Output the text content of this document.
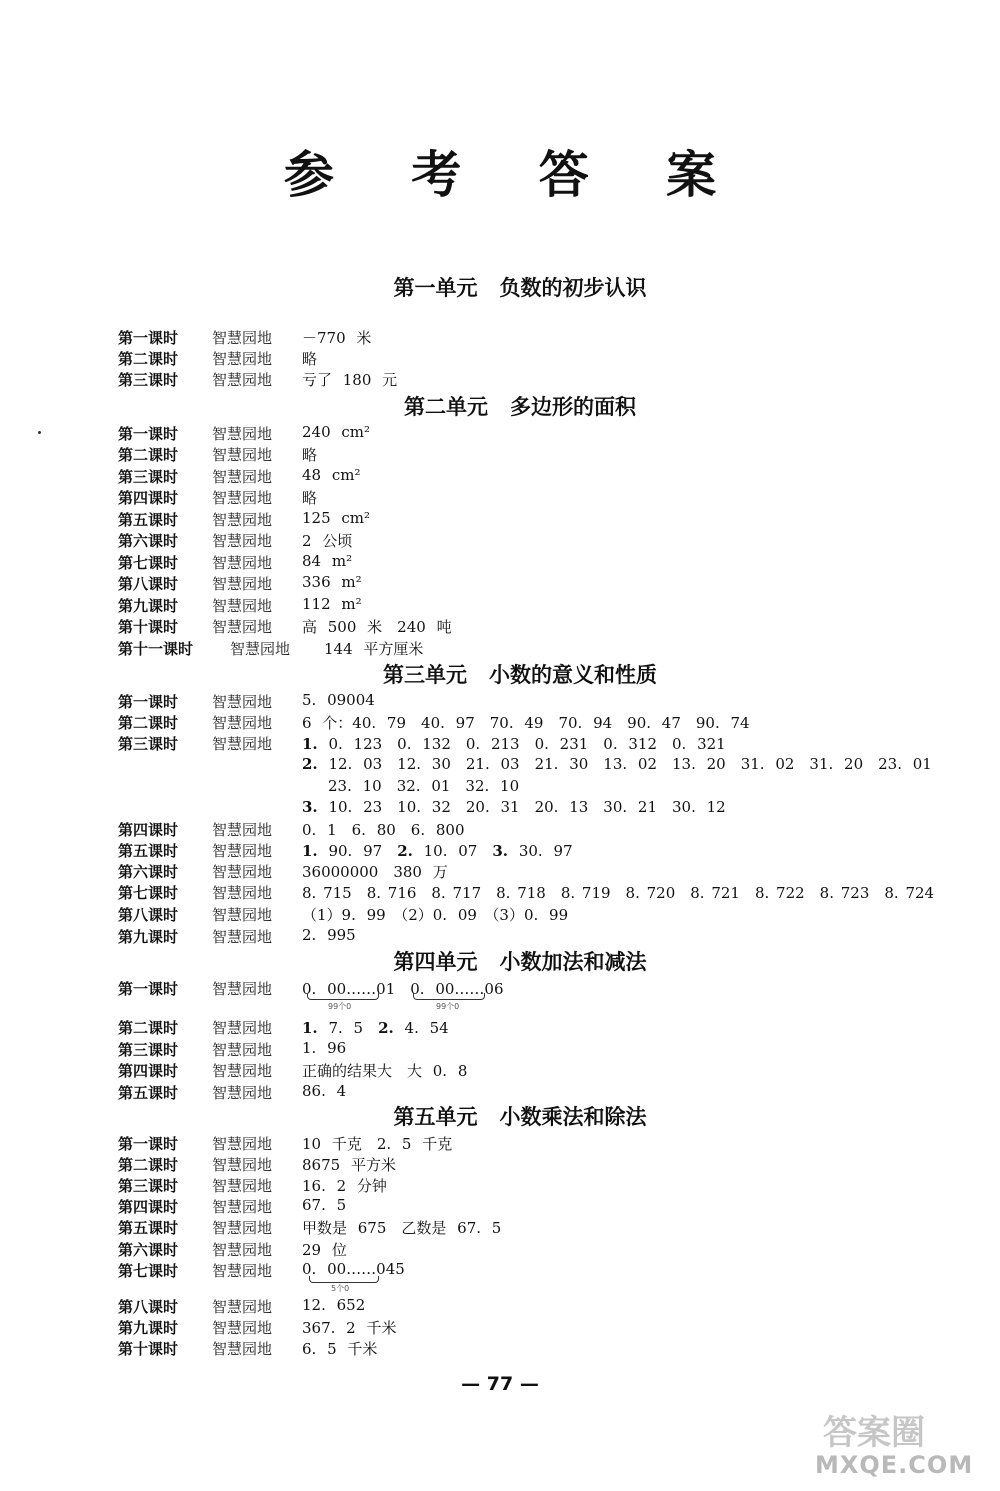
参 考 答 案
第一单元 负数的初步认识
第一课时 智慧园地 －770 米
第二课时 智慧园地 略
第三课时 智慧园地 亏了 180 元
第二单元 多边形的面积
第一课时 智慧园地 240 cm²
第二课时 智慧园地 略
第三课时 智慧园地 48 cm²
第四课时 智慧园地 略
第五课时 智慧园地 125 cm²
第六课时 智慧园地 2 公顷
第七课时 智慧园地 84 m²
第八课时 智慧园地 336 m²
第九课时 智慧园地 112 m²
第十课时 智慧园地 高 500 米　240 吨
第十一课时 智慧园地 144 平方厘米
第三单元 小数的意义和性质
第一课时 智慧园地 5. 09004
第二课时 智慧园地 6 个：40. 79　40. 97　70. 49　70. 94　90. 47　90. 74
第三课时 智慧园地 1. 0. 123　0. 132　0. 213　0. 231　0. 312　0. 321
2. 12. 03　12. 30　21. 03　21. 30　13. 02　13. 20　31. 02　31. 20　23. 01
23. 10　32. 01　32. 10
3. 10. 23　10. 32　20. 31　20. 13　30. 21　30. 12
第四课时 智慧园地 0. 1　6. 80　6. 800
第五课时 智慧园地 1. 90. 97　 2. 10. 07　 3. 30. 97
第六课时 智慧园地 36000000　380 万
第七课时 智慧园地 8. 715　8. 716　8. 717　8. 718　8. 719　8. 720　8. 721　8. 722　8. 723　8. 724
第八课时 智慧园地 （1）9. 99　（2）0. 09　（3）0. 99
第九课时 智慧园地 2. 995
第四单元 小数加法和减法
第一课时 智慧园地 0. 00……01　0. 00……06
99个0	99个0
第二课时 智慧园地 1. 7. 5　 2. 4. 54
第三课时 智慧园地 1. 96
第四课时 智慧园地 正确的结果大　大 0. 8
第五课时 智慧园地 86. 4
第五单元 小数乘法和除法
第一课时 智慧园地 10 千克　2. 5 千克
第二课时 智慧园地 8675 平方米
第三课时 智慧园地 16. 2 分钟
第四课时 智慧园地 67. 5
第五课时 智慧园地 甲数是 675　乙数是 67. 5
第六课时 智慧园地 29 位
第七课时 智慧园地 0. 00……045
5个0
第八课时 智慧园地 12. 652
第九课时 智慧园地 367. 2 千米
第十课时 智慧园地 6. 5 千米
— 77 —
答案圈
MXQE.COM
